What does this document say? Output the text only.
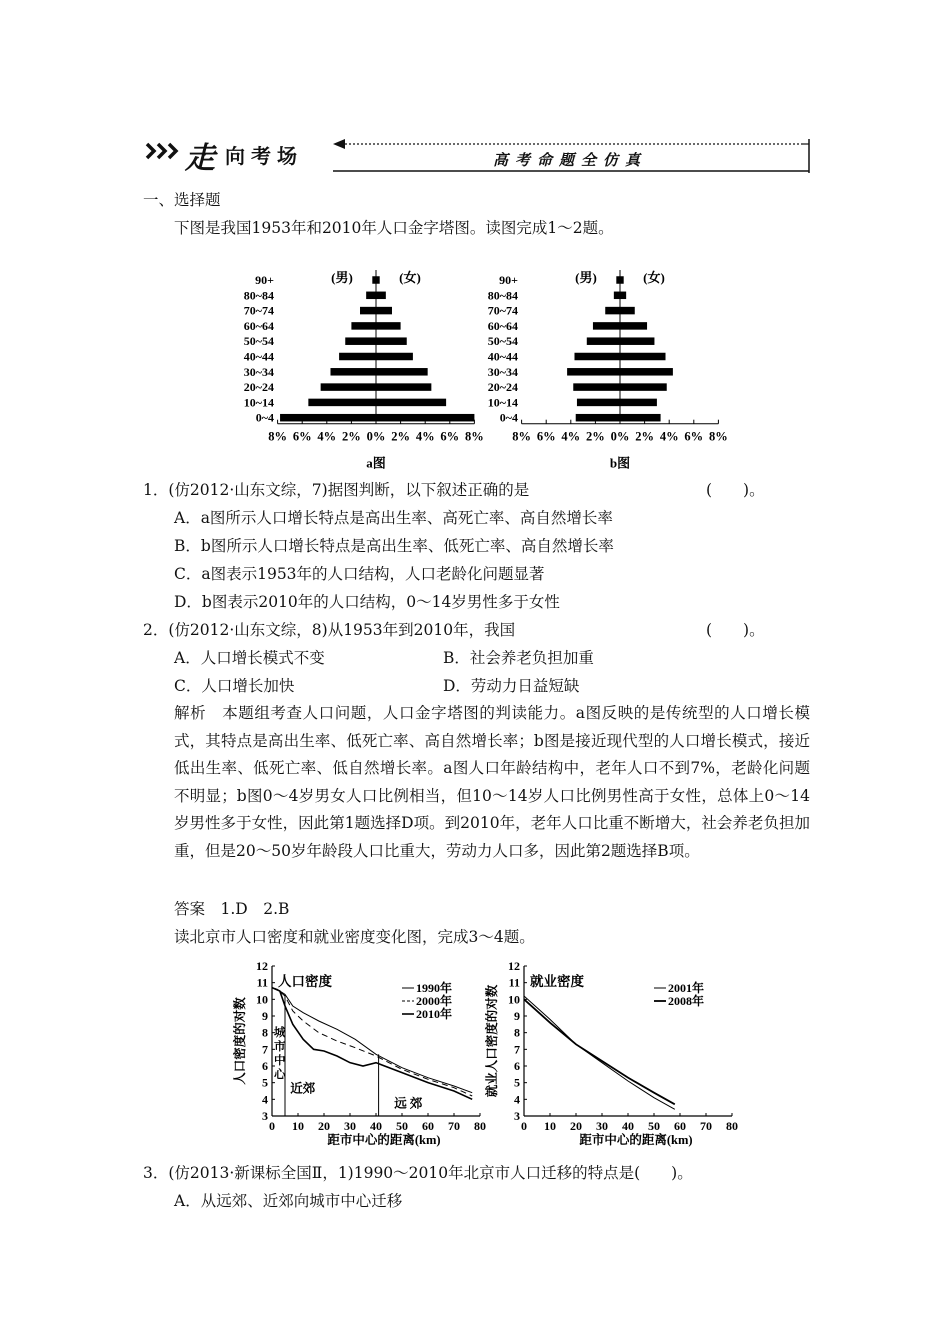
走 向考场	高考命题全仿真
一、选择题
下图是我国1953年和2010年人口金字塔图。读图完成1～2题。
90+
80~84
70~74
60~64
50~54
40~44
30~34
20~24
10~14
0~4
8% 6% 4% 2% 0% 2% 4% 6% 8%
(男)	(女)
a图
90+
80~84
70~74
60~64
50~54
40~44
30~34
20~24
10~14
0~4
8% 6% 4% 2% 0% 2% 4% 6% 8%
(男)	(女)
b图
1．(仿2012·山东文综，7)据图判断，以下叙述正确的是	(　　)。
A．a图所示人口增长特点是高出生率、高死亡率、高自然增长率
B．b图所示人口增长特点是高出生率、低死亡率、高自然增长率
C．a图表示1953年的人口结构，人口老龄化问题显著
D．b图表示2010年的人口结构，0～14岁男性多于女性
2．(仿2012·山东文综，8)从1953年到2010年，我国	(　　)。
A．人口增长模式不变	B．社会养老负担加重
C．人口增长加快	D．劳动力日益短缺
解析　本题组考查人口问题，人口金字塔图的判读能力。a图反映的是传统型的人口增长模式，其特点是高出生率、低死亡率、高自然增长率；b图是接近现代型的人口增长模式，接近低出生率、低死亡率、低自然增长率。a图人口年龄结构中，老年人口不到7%，老龄化问题不明显；b图0～4岁男女人口比例相当，但10～14岁人口比例男性高于女性，总体上0～14岁男性多于女性，因此第1题选择D项。到2010年，老年人口比重不断增大，社会养老负担加重，但是20～50岁年龄段人口比重大，劳动力人口多，因此第2题选择B项。
答案　1.D　2.B
读北京市人口密度和就业密度变化图，完成3～4题。
3
4
5
6
7
8
9
10
11
12
0 10 20 30 40 50 60 70 80
距市中心的距离(km)
人口密度的对数
人口密度	1990年
2000年
2010年
城
市
中
心
近郊
远 郊
3
4
5
6
7
8
9
10
11
12
0 10 20 30 40 50 60 70 80
距市中心的距离(km)
就业人口密度的对数
就业密度	2001年
2008年
3．(仿2013·新课标全国Ⅱ，1)1990～2010年北京市人口迁移的特点是(　　)。
A．从远郊、近郊向城市中心迁移
